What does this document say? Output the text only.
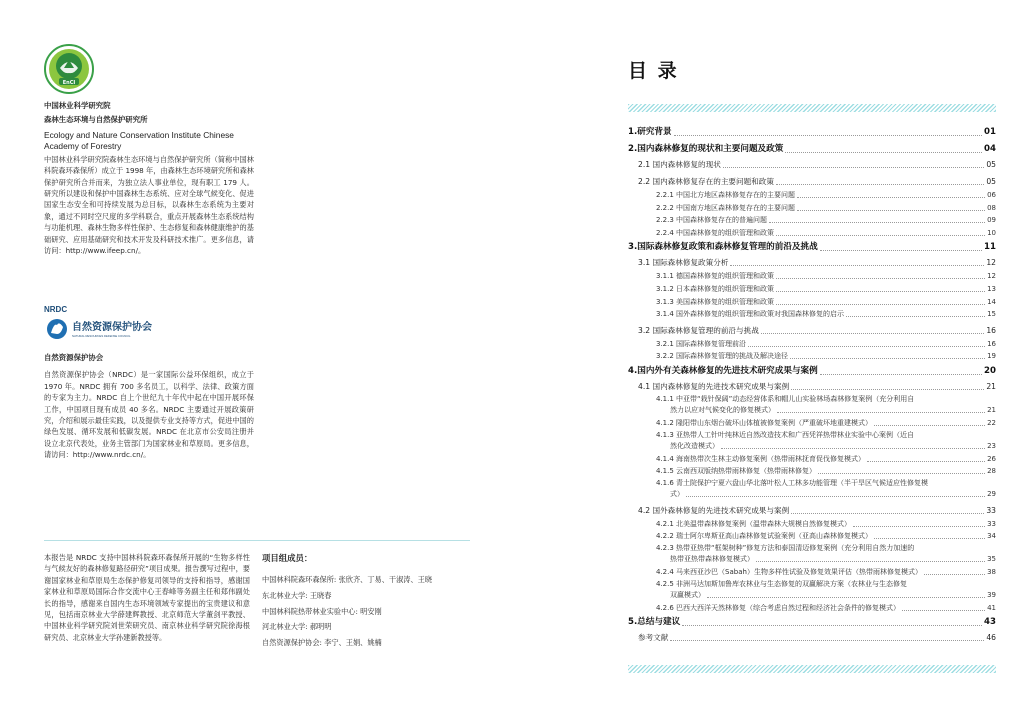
EnCI
中国林业科学研究院
森林生态环境与自然保护研究所
Ecology and Nature Conservation Institute Chinese
Academy of Forestry
中国林业科学研究院森林生态环境与自然保护研究所（简称中国林科院森环森保所）成立于 1998 年，由森林生态环境研究所和森林保护研究所合并而来，为独立法人事业单位，现有职工 179 人。研究所以建设和保护中国森林生态系统、应对全球气候变化、促进国家生态安全和可持续发展为总目标，以森林生态系统为主要对象，通过不同时空尺度的多学科联合，重点开展森林生态系统结构与功能机理、森林生物多样性保护、生态修复和森林健康维护的基础研究、应用基础研究和技术开发及科研技术推广。更多信息，请访问：http://www.ifeep.cn/。
NRDC
自然资源保护协会
NATURAL RESOURCES DEFENSE COUNCIL
自然资源保护协会
自然资源保护协会（NRDC）是一家国际公益环保组织，成立于 1970 年。NRDC 拥有 700 多名员工，以科学、法律、政策方面的专家为主力。NRDC 自上个世纪九十年代中起在中国开展环保工作，中国项目现有成员 40 多名。NRDC 主要通过开展政策研究，介绍和展示最佳实践，以及提供专业支持等方式，促进中国的绿色发展、循环发展和低碳发展。NRDC 在北京市公安局注册并设立北京代表处，业务主管部门为国家林业和草原局。更多信息，请访问：http://www.nrdc.cn/。
本报告是 NRDC 支持中国林科院森环森保所开展的“生物多样性与气候友好的森林修复路径研究”项目成果。报告撰写过程中，要谢国家林业和草原局生态保护修复司领导的支持和指导，感谢国家林业和草原局国际合作交流中心王春峰等务副主任和郑伟副处长的指导，感谢来自国内生态环境领域专家提出的宝贵建议和意见，包括南京林业大学薛建辉教授、北京师范大学董剑平教授、中国林业科学研究院刘世荣研究员、南京林业科学研究院徐海根研究员、北京林业大学孙建新教授等。
项目组成员：
中国林科院森环森保所: 张欣齐、丁易、干淑涛、王晓
东北林业大学: 王晓春
中国林科院热带林业实验中心: 明安刚
河北林业大学: 郝明明
自然资源保护协会: 李宁、王娟、姚楠
目 录
1.研究背景	01
2.国内森林修复的现状和主要问题及政策	04
2.1 国内森林修复的现状	05
2.2 国内森林修复存在的主要问题和政策	05
2.2.1 中国北方地区森林修复存在的主要问题	06
2.2.2 中国南方地区森林修复存在的主要问题	08
2.2.3 中国森林修复存在的普遍问题	09
2.2.4 中国森林修复的组织管理和政策	10
3.国际森林修复政策和森林修复管理的前沿及挑战	11
3.1 国际森林修复政策分析	12
3.1.1 德国森林修复的组织管理和政策	12
3.1.2 日本森林修复的组织管理和政策	13
3.1.3 美国森林修复的组织管理和政策	14
3.1.4 国外森林修复的组织管理和政策对我国森林修复的启示	15
3.2 国际森林修复管理的前沿与挑战	16
3.2.1 国际森林修复管理前沿	16
3.2.2 国际森林修复管理的挑战及解决途径	19
4.国内外有关森林修复的先进技术研究成果与案例	20
4.1 国内森林修复的先进技术研究成果与案例	21
4.1.1 中亚带“栽针保阔”动态经营体系和帽儿山实验林场森林修复案例（充分利用自
然力以应对气候变化的修复模式）	21
4.1.2 隆阳带山东烟台破坏山体植被修复案例（严重破坏地重建模式）	22
4.1.3 亚热带人工针叶纯林近自然改造技术和广西凭祥热带林业实验中心案例（近自
然化改造模式）	23
4.1.4 海南热带次生林主动修复案例（热带雨林抚育促伐修复模式）	26
4.1.5 云南西双版纳热带雨林修复（热带雨林修复）	28
4.1.6 青土院保护宁夏六盘山华北落叶松人工林多功能管理（半干旱区气候适应性修复模
式）	29
4.2 国外森林修复的先进技术研究成果与案例	33
4.2.1 北美温带森林修复案例（温带森林大规模自然修复模式）	33
4.2.2 瑞士阿尔卑斯亚高山森林修复试验案例（亚高山森林修复模式）	34
4.2.3 热带亚热带“框架树种”修复方法和泰国清迈修复案例（充分利用自然力加速的
热带亚热带森林修复模式）	35
4.2.4 马来西亚沙巴（Sabah）生物多样性试验及修复效果评估（热带雨林修复模式）	38
4.2.5 非洲马达加斯加鲁库农林业与生态修复的双赢解决方案（农林业与生态修复
双赢模式）	39
4.2.6 巴西大西洋天然林修复（综合考虑自然过程和经济社会条件的修复模式）	41
5.总结与建议	43
参考文献	46
